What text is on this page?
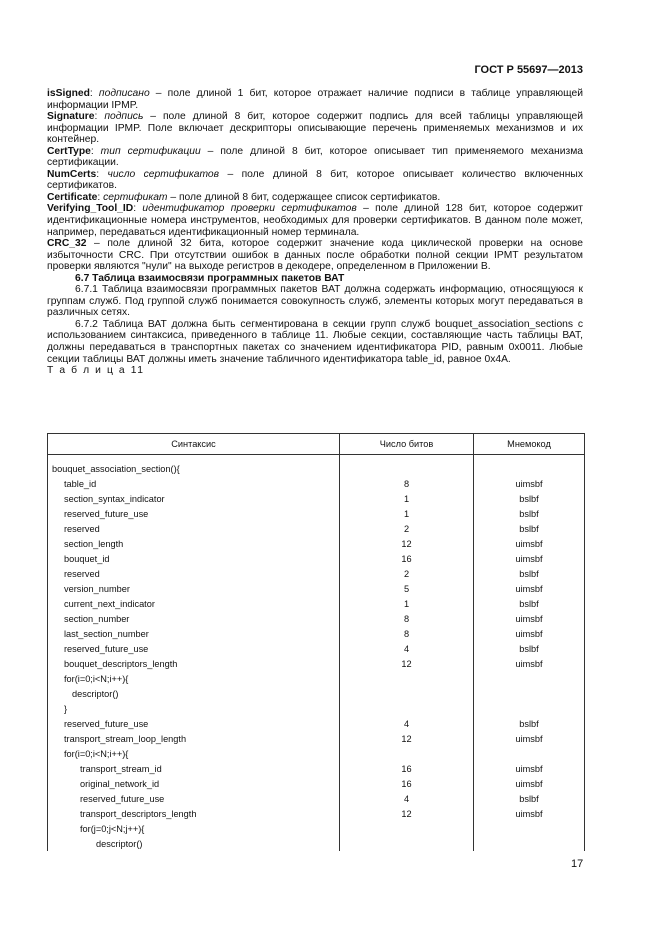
ГОСТ Р 55697—2013

isSigned: подписано – поле длиной 1 бит, которое отражает наличие подписи в таблице управляющей информации IPMP.

Signature: подпись – поле длиной 8 бит, которое содержит подпись для всей таблицы управляющей информации IPMP. Поле включает дескрипторы описывающие перечень применяемых механизмов и их контейнер.

CertType: тип сертификации – поле длиной 8 бит, которое описывает тип применяемого механизма сертификации.

NumCerts: число сертификатов – поле длиной 8 бит, которое описывает количество включенных сертификатов.

Certificate: сертификат – поле длиной 8 бит, содержащее список сертификатов.

Verifying_Tool_ID: идентификатор проверки сертификатов – поле длиной 128 бит, которое содержит идентификационные номера инструментов, необходимых для проверки сертификатов. В данном поле может, например, передаваться идентификационный номер терминала.

CRC_32 – поле длиной 32 бита, которое содержит значение кода циклической проверки на основе избыточности CRC. При отсутствии ошибок в данных после обработки полной секции IPMT результатом проверки являются "нули" на выходе регистров в декодере, определенном в Приложении В.

6.7 Таблица взаимосвязи программных пакетов ВАТ

6.7.1 Таблица взаимосвязи программных пакетов ВАТ должна содержать информацию, относящуюся к группам служб. Под группой служб понимается совокупность служб, элементы которых могут передаваться в различных сетях.

6.7.2 Таблица ВАТ должна быть сегментирована в секции групп служб bouquet_association_sections с использованием синтаксиса, приведенного в таблице 11. Любые секции, составляющие часть таблицы ВАТ, должны передаваться в транспортных пакетах со значением идентификатора PID, равным 0x0011. Любые секции таблицы ВАТ должны иметь значение табличного идентификатора table_id, равное 0x4A.

Т а б л и ц а 11

Синтаксис	Число битов	Мнемокод

bouquet_association_section(){		
table_id	8	uimsbf
section_syntax_indicator	1	bslbf
reserved_future_use	1	bslbf
reserved	2	bslbf
section_length	12	uimsbf
bouquet_id	16	uimsbf
reserved	2	bslbf
version_number	5	uimsbf
current_next_indicator	1	bslbf
section_number	8	uimsbf
last_section_number	8	uimsbf
reserved_future_use	4	bslbf
bouquet_descriptors_length	12	uimsbf
for(i=0;i<N;i++){		
descriptor()		
}		
reserved_future_use	4	bslbf
transport_stream_loop_length	12	uimsbf
for(i=0;i<N;i++){		
transport_stream_id	16	uimsbf
original_network_id	16	uimsbf
reserved_future_use	4	bslbf
transport_descriptors_length	12	uimsbf
for(j=0;j<N;j++){		
descriptor()		
17
